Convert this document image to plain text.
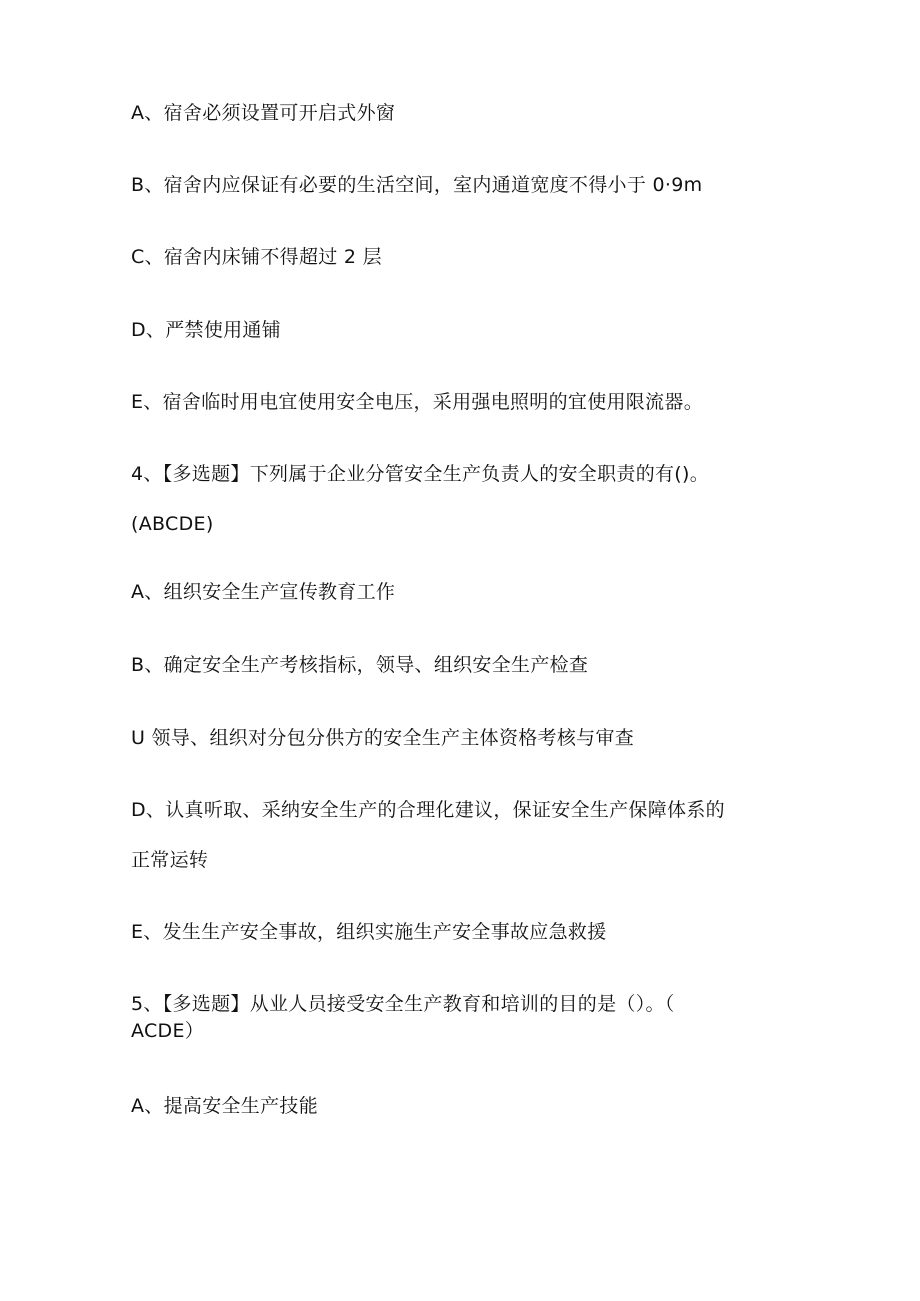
A、宿舍必须设置可开启式外窗
B、宿舍内应保证有必要的生活空间，室内通道宽度不得小于 0·9m
C、宿舍内床铺不得超过 2 层
D、严禁使用通铺
E、宿舍临时用电宜使用安全电压，采用强电照明的宜使用限流器。
4、【多选题】下列属于企业分管安全生产负责人的安全职责的有()。
(ABCDE)
A、组织安全生产宣传教育工作
B、确定安全生产考核指标，领导、组织安全生产检查
U 领导、组织对分包分供方的安全生产主体资格考核与审查
D、认真听取、采纳安全生产的合理化建议，保证安全生产保障体系的
正常运转
E、发生生产安全事故，组织实施生产安全事故应急救援
5、【多选题】从业人员接受安全生产教育和培训的目的是（）。（
ACDE）
A、提高安全生产技能
